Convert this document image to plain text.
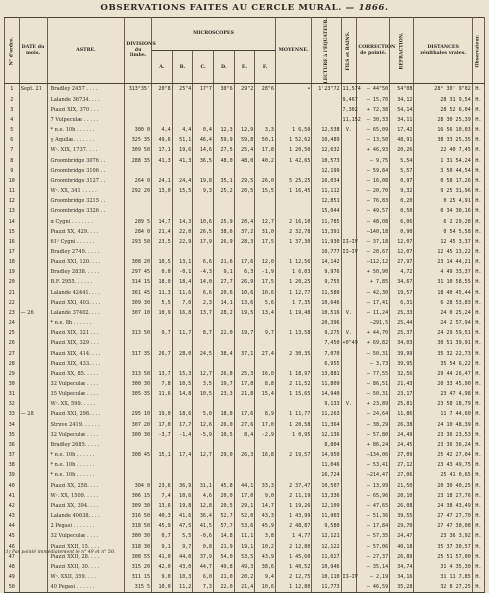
OBSERVATIONS FAITES AU CERCLE MURAL. — 1866.
N° d'ordre.	DATE du mois.	ASTRE.	DIVISIONS du limbe.	MICROSCOPES						MOYENNE.	LECTURE à l'ÉQUATEUR.	FILS et BAINS.	CORRECTION de pointé.	RÉFRACTION.	DISTANCES zénithales vraies.	Observateur.
				A.	B.	C.	D.	E.	F.							
1	Sept. 21	Bradley 2457 . . . .	313°35'	20"8	25"4	17"7	30"6	29"2	28"6	•	1'23"72	11,574	— 44"50	54"08	28° 30' 9"02	H.
2		Lalande 36734. . . .										9,467	— 15,70	34,12	28 31 9,54	H.
3		Piazzi XIX, 370 . . .										7,302	+ 72,38	54,14	28 52 6,04	H.
4		7 Vulpeculæ . . . . .										11,152	— 30,33	34,11	28 30 25,39	H.
5		* n.e. 10h . . . . . .	300 0	4,4	4,4	0,4	12,3	12,9	3,3	1 6,50	12,538	V.	— 65,09	17,42	16 56 10,03	H.
6		γ Aquilæ. . . . . . .	325 35	49,6	51,1	46,4	59,9	59,8	50,1	1 52,62	10,489		— 13,50	48,91	38 33 25,35	H.
7		Wᶜ. XIX, 1737. . . .	309 50	17,1	19,6	14,6	27,5	25,4	17,8	1 20,50	12,632		+ 46,93	20,26	22 40 7,45	H.
8		Groombridge 3076 . .	288 35	41,3	41,3	36,5	48,0	48,0	40,2	1 42,65	10,573		— 9,75	5,54	1 31 54,24	H.
9		Groombridge 3106 . .									12,199		— 59,84	5,57	3 50 44,54	H.
10		Groombridge 3127 . .	264 0	24,1	24,4	19,8	35,1	29,5	26,0	5 25,25	16,034		— 16,08	0,97	0 58 17,26	H.
11		Wᶜ. XX, 341 . . . . .	292 20	13,0	15,5	9,3	25,2	20,5	15,5	1 16,45	11,112		— 20,70	9,32	9 25 31,96	H.
12		Groombridge 3215 . .									12,851		— 76,83	0,20	0 25 4,91	H.
13		Groombridge 3326 . .									15,044		— 49,57	0,50	0 34 30,16	H.
14		α Cygni . . . . . . .	289 5	14,7	14,3	10,6	25,9	20,4	12,7	2 16,10	11,785		— 48,08	6,06	6 2 29,28	H.
15		Piazzi XX, 429. . . .	284 0	21,4	22,0	26,5	38,6	37,2	31,0	2 32,78	13,391		—140,18	0,90	0 54 5,58	H.
16		61¹ Cygni . . . . . .	293 50	23,5	22,9	17,9	26,9	28,3	17,5	1 37,30	11,930	II—IV	— 37,18	12,07	12 45 3,37	H.
17		Bradley 2749. . . . .									10,777	II—IV	— 20,67	12,07	12 45 13,22	H.
18		Piazzi XXI, 120. . . .	308 20	10,5	13,1	6,6	21,6	17,6	12,0	1 12,56	14,142		—112,12	27,97	23 14 44,21	H.
19		Bradley 2838. . . . .	297 45	0,0	-0,1	-4,3	9,1	6,3	-1,9	1 6,03	9,976		+ 50,90	4,72	4 49 33,37	H.
20		B.F. 2955. . . . . .	314 15	18,0	18,4	14,0	27,7	26,9	17,5	1 20,25	9,755		+ 7,85	34,67	31 10 58,55	H.
21		Lalande 42441. . . .	361 45	11,3	11,6	6,6	20,6	10,6	10,6	1 12,77	11,580		— 42,30	19,57	18 40 45,44	H.
22		Piazzi XXI, 403. . . .	309 30	5,5	7,0	2,3	14,1	13,6	5,6	1 7,35	10,646		— 17,41	6,31	6 28 53,83	H.
23	— 26	Lalande 37402. . . .	307 10	10,9	16,8	13,7	28,2	19,5	13,4	1 19,48	10,516	V.	— 11,24	25,33	24 0 25,24	H.
24		* n.e. 8h . . . . . .									20,396		—291,5	25,44	24 2 57,94	H.
25		Piazzi XIX, 321 . . .	313 50	9,7	11,7	8,7	22,0	19,7	9,7	1 13,58	9,275	V.	+ 44,70	25,37	24 29 59,51	H.
26		Piazzi XIX, 329 . . .									7,450	+0"49	+ 69,82	34,03	30 51 39,91	H.
27		Piazzi XIX, 414. . . .	317 35	26,7	28,0	24,5	38,4	37,1	27,4	2 30,35	7,070		— 50,31	39,99	35 32 22,73	H.
28		Piazzi XIX, 433. . . .									6,955		— 3,73	39,95	35 54 6,22	H.
29		Piazzi XX, 85. . . . .	313 50	13,7	15,3	12,7	26,8	25,3	16,0	1 18,97	13,881		— 77,55	32,56	29 44 26,47	H.
30		32 Vulpeculæ . . . .	300 30	7,8	10,5	3,5	19,7	17,8	8,8	2 11,52	11,809		— 86,51	21,43	20 33 45,90	H.
31		35 Vulpeculæ . . . .	305 35	11,6	14,8	10,5	23,3	21,8	15,4	1 15,65	14,940		— 50,31	23,17	23 47 4,98	H.
32		Wᶜ. XX, 599. . . . .									9,133	V.	+ 23,89	25,81	23 58 18,79	H.
33	— 28	Piazzi XXI, 298. . . .	295 10	19,0	18,6	5,0	18,8	17,6	8,9	1 11,77	11,263		— 24,64	11,86	11 7 44,60	H.
34		Struve 2419. . . . . .	307 20	17,0	17,7	12,6	26,0	27,6	17,0	1 20,58	11,364		— 38,29	26,38	24 10 48,39	H.
35		32 Vulpeculæ . . . .	300 30	-3,7	-1,4	-5,9	10,5	8,4	-2,9	1 0,95	12,136		— 57,80	24,49	23 36 23,53	H.
36		Bradley 2685. . . . .									8,804		+ 86,24	24,45	23 36 36,24	H.
37		* n.e. 10h . . . . . .	308 45	15,1	17,4	12,7	29,0	26,3	16,8	2 19,57	14,950		—134,06	27,09	25 42 27,04	H.
38		* n.e. 10h . . . . . .									11,046		— 53,41	27,12	23 43 49,75	H.
39		* n.e. 10h . . . . . .									16,724		—214,47	27,06	25 41 0,65	H.
40		Piazzi XX, 258. . . .	304 0	23,6	36,9	31,1	45,8	44,1	33,3	2 37,47	10,507		— 13,99	21,50	20 30 40,25	H.
41		Wᶜ. XX, 1509. . . . .	306 15	7,4	10,6	4,6	20,0	17,0	9,0	2 11,19	13,336		— 65,96	20,10	23 18 27,76	H.
42		Piazzi XX, 394. . . .	309 30	13,6	19,8	12,8	20,5	29,1	14,7	1 19,26	12,109		— 47,65	26,08	24 38 43,49	H.
43		Lalande 40638. . . .	316 50	40,3	41,6	36,4	52,7	52,0	43,3	1 43,99	11,903		— 51,36	39,55	27 47 27,70	H.
44		2 Pegasi . . . . . . .	318 50	45,9	47,5	41,5	57,7	53,6	45,9	2 48,87	9,580		— 17,84	29,70	27 47 30,08	H.
45		32 Vulpeculæ . . . .	300 30	0,7	5,5	-0,6	14,8	11,1	3,8	1 4,77	12,121		— 57,35	24,47	23 36 3,92	H.
46		Piazzi XXII, 15. . . .	318 30	9,1	9,7	0,8	21,9	19,1	10,2	2 12,80	12,122		— 57,06	40,18	35 37 30,57	H.
47		Piazzi XXII, 28. . . .	308 55	41,0	44,0	37,9	54,0	53,5	43,9	1 45,60	11,027		— 27,37	26,89	25 51 57,00	H.
48		Piazzi XXII, 30. . . .	315 20	42,0	43,0	44,7	49,8	49,3	38,6	1 40,52	10,946		— 35,14	34,74	31 4 35,30	H.
49		Wᶜ. XXII, 359. . . .	311 15	9,0	10,3	6,0	21,0	20,2	9,4	2 12,75	10,110	II—IV	— 2,19	34,16	31 11 7,85	H.
50		40 Pegasi . . . . . .	315 5	10,0	11,2	7,3	22,0	21,4	10,6	1 12,80	11,773		— 46,59	35,28	32 8 27,25	H.
(1) Pas pointé immédiatement le n° 49 et n° 50.
